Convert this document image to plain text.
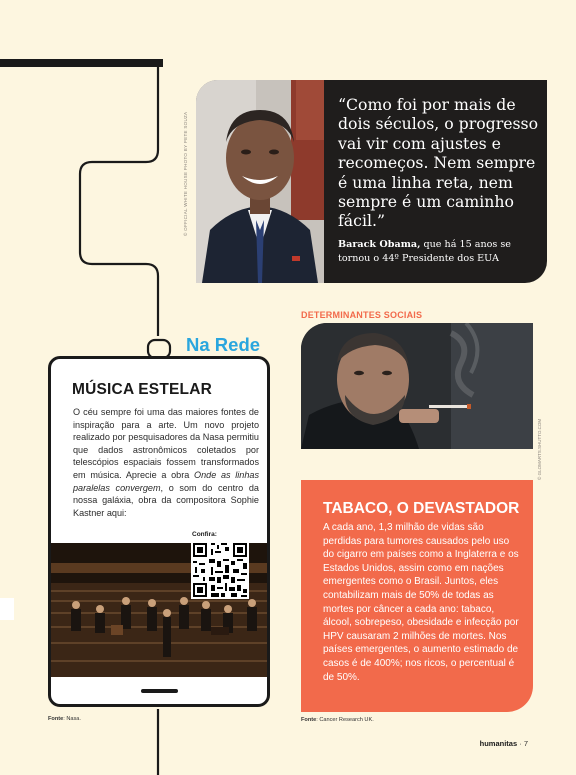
© OFFICIAL WHITE HOUSE PHOTO BY PETE SOUZA
“Como foi por mais de dois séculos, o progresso vai vir com ajustes e recomeços. Nem sempre é uma linha reta, nem sempre é um caminho fácil.”
Barack Obama, que há 15 anos se tornou o 44º Presidente dos EUA
Na Rede
MÚSICA ESTELAR
O céu sempre foi uma das maiores fontes de inspiração para a arte. Um novo projeto realizado por pesquisadores da Nasa permitiu que dados astronômicos coletados por telescópios espaciais fossem transformados em música. Aprecie a obra Onde as linhas paralelas convergem, o som do centro da nossa galáxia, obra da compositora Sophie Kastner aqui:
Confira:
Fonte: Nasa.
DETERMINANTES SOCIAIS
© GLOMARTS.SHUTTO.COM
TABACO, O DEVASTADOR
A cada ano, 1,3 milhão de vidas são perdidas para tumores causados pelo uso do cigarro em países como a Inglaterra e os Estados Unidos, assim como em nações emergentes como o Brasil. Juntos, eles contabilizam mais de 50% de todas as mortes por câncer a cada ano: tabaco, álcool, sobrepeso, obesidade e infecção por HPV causaram 2 milhões de mortes. Nos países emergentes, o aumento estimado de casos é de 400%; nos ricos, o percentual é de 50%.
Fonte: Cancer Research UK.
humanitas · 7
